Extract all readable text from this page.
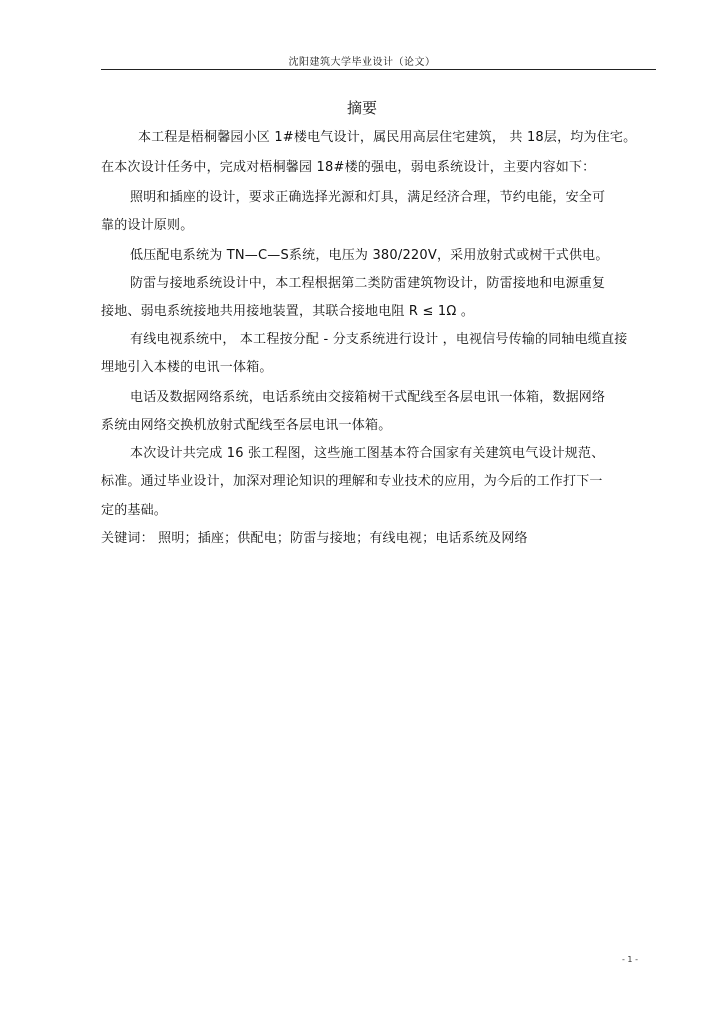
沈阳建筑大学毕业设计（论文）
摘要
本工程是梧桐馨园小区 1#楼电气设计，属民用高层住宅建筑， 共 18层，均为住宅。
在本次设计任务中，完成对梧桐馨园 18#楼的强电，弱电系统设计，主要内容如下：
照明和插座的设计，要求正确选择光源和灯具，满足经济合理，节约电能，安全可
靠的设计原则。
低压配电系统为 TN—C—S系统，电压为 380/220V，采用放射式或树干式供电。
防雷与接地系统设计中，本工程根据第二类防雷建筑物设计，防雷接地和电源重复
接地、弱电系统接地共用接地装置，其联合接地电阻 R ≤ 1Ω 。
有线电视系统中， 本工程按分配 - 分支系统进行设计 ，电视信号传输的同轴电缆直接
埋地引入本楼的电讯一体箱。
电话及数据网络系统，电话系统由交接箱树干式配线至各层电讯一体箱，数据网络
系统由网络交换机放射式配线至各层电讯一体箱。
本次设计共完成 16 张工程图，这些施工图基本符合国家有关建筑电气设计规范、
标准。通过毕业设计，加深对理论知识的理解和专业技术的应用，为今后的工作打下一
定的基础。
关键词： 照明；插座；供配电；防雷与接地；有线电视；电话系统及网络
- 1 -
